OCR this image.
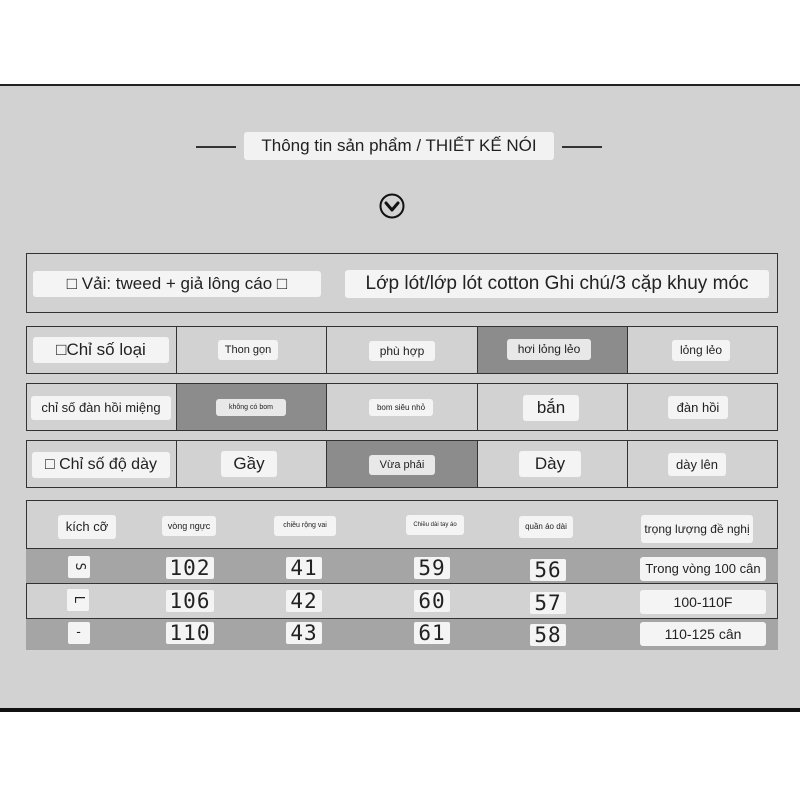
Thông tin sản phẩm / THIẾT KẾ NÓI
□ Vải: tweed + giả lông cáo □	Lớp lót/lớp lót cotton Ghi chú/3 cặp khuy móc
□Chỉ số loại	Thon gọn	phù hợp	hơi lỏng lẻo	lỏng lẻo
chỉ số đàn hồi miệng	không có bom	bom siêu nhỏ	bắn	đàn hồi
□ Chỉ số độ dày	Gầy	Vừa phải	Dày	dày lên
kích cỡ	vòng ngực	chiều rộng vai	Chiều dài tay áo	quần áo dài	trọng lượng đề nghị
S	102	41	59	56	Trong vòng 100 cân
L	106	42	60	57	100-110F
-	110	43	61	58	110-125 cân
